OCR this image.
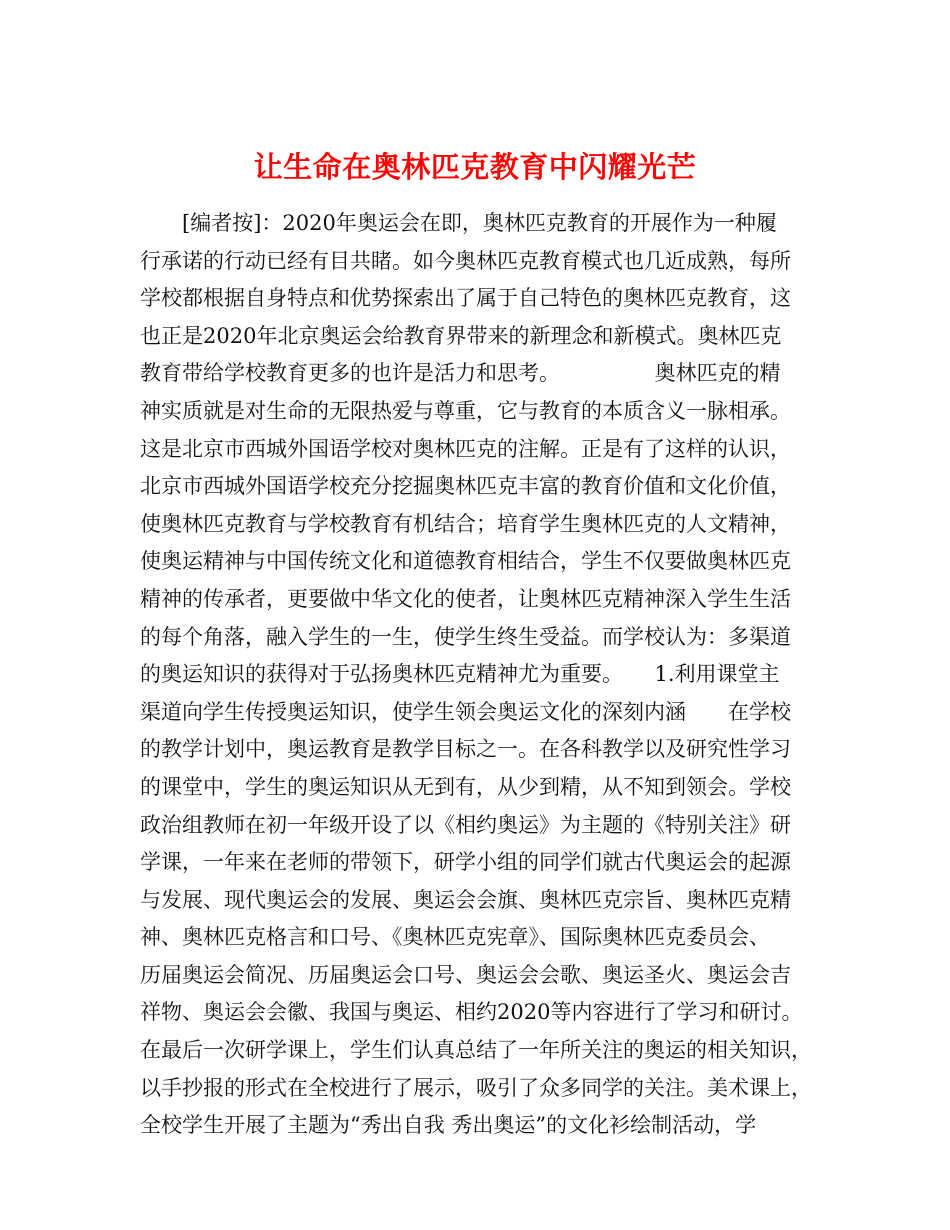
让生命在奥林匹克教育中闪耀光芒
[编者按]：2020年奥运会在即，奥林匹克教育的开展作为一种履
行承诺的行动已经有目共睹。如今奥林匹克教育模式也几近成熟，每所
学校都根据自身特点和优势探索出了属于自己特色的奥林匹克教育，这
也正是2020年北京奥运会给教育界带来的新理念和新模式。奥林匹克
教育带给学校教育更多的也许是活力和思考。　　　　　奥林匹克的精
神实质就是对生命的无限热爱与尊重，它与教育的本质含义一脉相承。
这是北京市西城外国语学校对奥林匹克的注解。正是有了这样的认识，
北京市西城外国语学校充分挖掘奥林匹克丰富的教育价值和文化价值，
使奥林匹克教育与学校教育有机结合；培育学生奥林匹克的人文精神，
使奥运精神与中国传统文化和道德教育相结合，学生不仅要做奥林匹克
精神的传承者，更要做中华文化的使者，让奥林匹克精神深入学生生活
的每个角落，融入学生的一生，使学生终生受益。而学校认为：多渠道
的奥运知识的获得对于弘扬奥林匹克精神尤为重要。　　1.利用课堂主
渠道向学生传授奥运知识，使学生领会奥运文化的深刻内涵　　在学校
的教学计划中，奥运教育是教学目标之一。在各科教学以及研究性学习
的课堂中，学生的奥运知识从无到有，从少到精，从不知到领会。学校
政治组教师在初一年级开设了以《相约奥运》为主题的《特别关注》研
学课，一年来在老师的带领下，研学小组的同学们就古代奥运会的起源
与发展、现代奥运会的发展、奥运会会旗、奥林匹克宗旨、奥林匹克精
神、奥林匹克格言和口号、《奥林匹克宪章》、国际奥林匹克委员会、
历届奥运会简况、历届奥运会口号、奥运会会歌、奥运圣火、奥运会吉
祥物、奥运会会徽、我国与奥运、相约2020等内容进行了学习和研讨。
在最后一次研学课上，学生们认真总结了一年所关注的奥运的相关知识，
以手抄报的形式在全校进行了展示，吸引了众多同学的关注。美术课上，
全校学生开展了主题为“秀出自我 秀出奥运”的文化衫绘制活动，学
